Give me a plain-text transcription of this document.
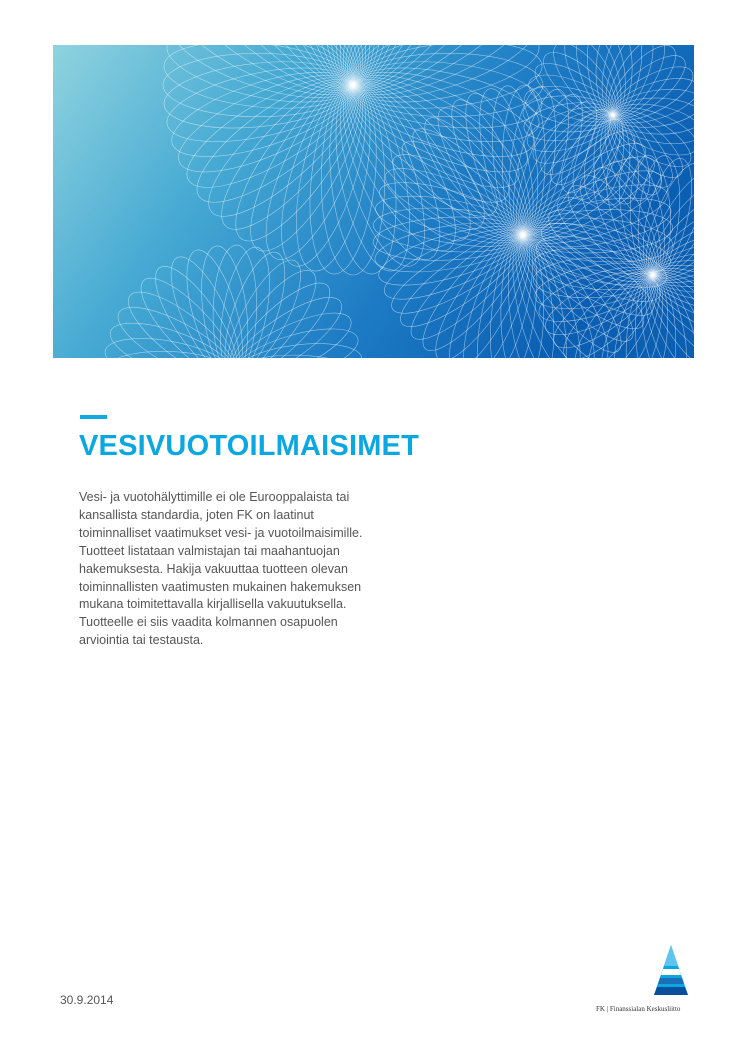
VESIVUOTOILMAISIMET

Vesi- ja vuotohälyttimille ei ole Eurooppalaista tai
kansallista standardia, joten FK on laatinut
toiminnalliset vaatimukset vesi- ja vuotoilmaisimille.
Tuotteet listataan valmistajan tai maahantuojan
hakemuksesta. Hakija vakuuttaa tuotteen olevan
toiminnallisten vaatimusten mukainen hakemuksen
mukana toimitettavalla kirjallisella vakuutuksella.
Tuotteelle ei siis vaadita kolmannen osapuolen
arviointia tai testausta.

30.9.2014
FK | Finanssialan Keskusliitto
